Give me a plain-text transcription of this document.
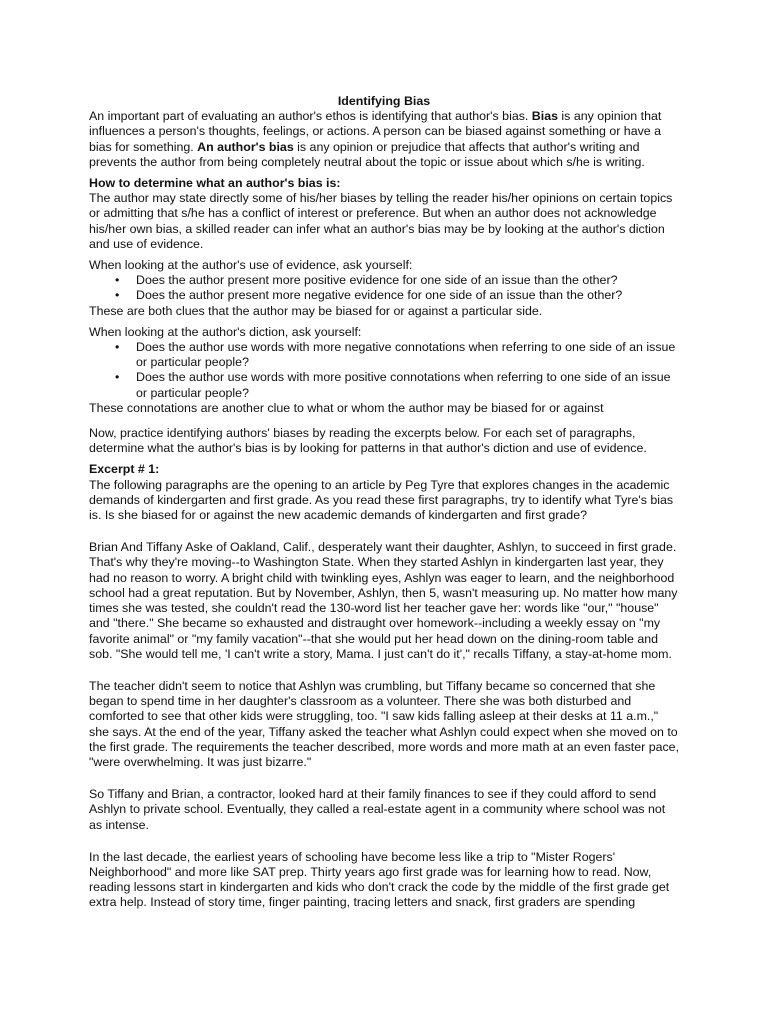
Identifying Bias

An important part of evaluating an author's ethos is identifying that author's bias. Bias is any opinion that influences a person's thoughts, feelings, or actions. A person can be biased against something or have a bias for something. An author's bias is any opinion or prejudice that affects that author's writing and prevents the author from being completely neutral about the topic or issue about which s/he is writing.

How to determine what an author's bias is:

The author may state directly some of his/her biases by telling the reader his/her opinions on certain topics or admitting that s/he has a conflict of interest or preference. But when an author does not acknowledge his/her own bias, a skilled reader can infer what an author's bias may be by looking at the author's diction and use of evidence.

When looking at the author's use of evidence, ask yourself:

• Does the author present more positive evidence for one side of an issue than the other?
• Does the author present more negative evidence for one side of an issue than the other?

These are both clues that the author may be biased for or against a particular side.

When looking at the author's diction, ask yourself:

• Does the author use words with more negative connotations when referring to one side of an issue or particular people?
• Does the author use words with more positive connotations when referring to one side of an issue or particular people?

These connotations are another clue to what or whom the author may be biased for or against

Now, practice identifying authors' biases by reading the excerpts below. For each set of paragraphs, determine what the author's bias is by looking for patterns in that author's diction and use of evidence.

Excerpt # 1:

The following paragraphs are the opening to an article by Peg Tyre that explores changes in the academic demands of kindergarten and first grade. As you read these first paragraphs, try to identify what Tyre's bias is. Is she biased for or against the new academic demands of kindergarten and first grade?

Brian And Tiffany Aske of Oakland, Calif., desperately want their daughter, Ashlyn, to succeed in first grade. That's why they're moving--to Washington State. When they started Ashlyn in kindergarten last year, they had no reason to worry. A bright child with twinkling eyes, Ashlyn was eager to learn, and the neighborhood school had a great reputation. But by November, Ashlyn, then 5, wasn't measuring up. No matter how many times she was tested, she couldn't read the 130-word list her teacher gave her: words like "our," "house" and "there." She became so exhausted and distraught over homework--including a weekly essay on "my favorite animal" or "my family vacation"--that she would put her head down on the dining-room table and sob. "She would tell me, 'I can't write a story, Mama. I just can't do it'," recalls Tiffany, a stay-at-home mom.

The teacher didn't seem to notice that Ashlyn was crumbling, but Tiffany became so concerned that she began to spend time in her daughter's classroom as a volunteer. There she was both disturbed and comforted to see that other kids were struggling, too. "I saw kids falling asleep at their desks at 11 a.m.," she says. At the end of the year, Tiffany asked the teacher what Ashlyn could expect when she moved on to the first grade. The requirements the teacher described, more words and more math at an even faster pace, "were overwhelming. It was just bizarre."

So Tiffany and Brian, a contractor, looked hard at their family finances to see if they could afford to send Ashlyn to private school. Eventually, they called a real-estate agent in a community where school was not as intense.

In the last decade, the earliest years of schooling have become less like a trip to "Mister Rogers' Neighborhood" and more like SAT prep. Thirty years ago first grade was for learning how to read. Now, reading lessons start in kindergarten and kids who don't crack the code by the middle of the first grade get extra help. Instead of story time, finger painting, tracing letters and snack, first graders are spending
